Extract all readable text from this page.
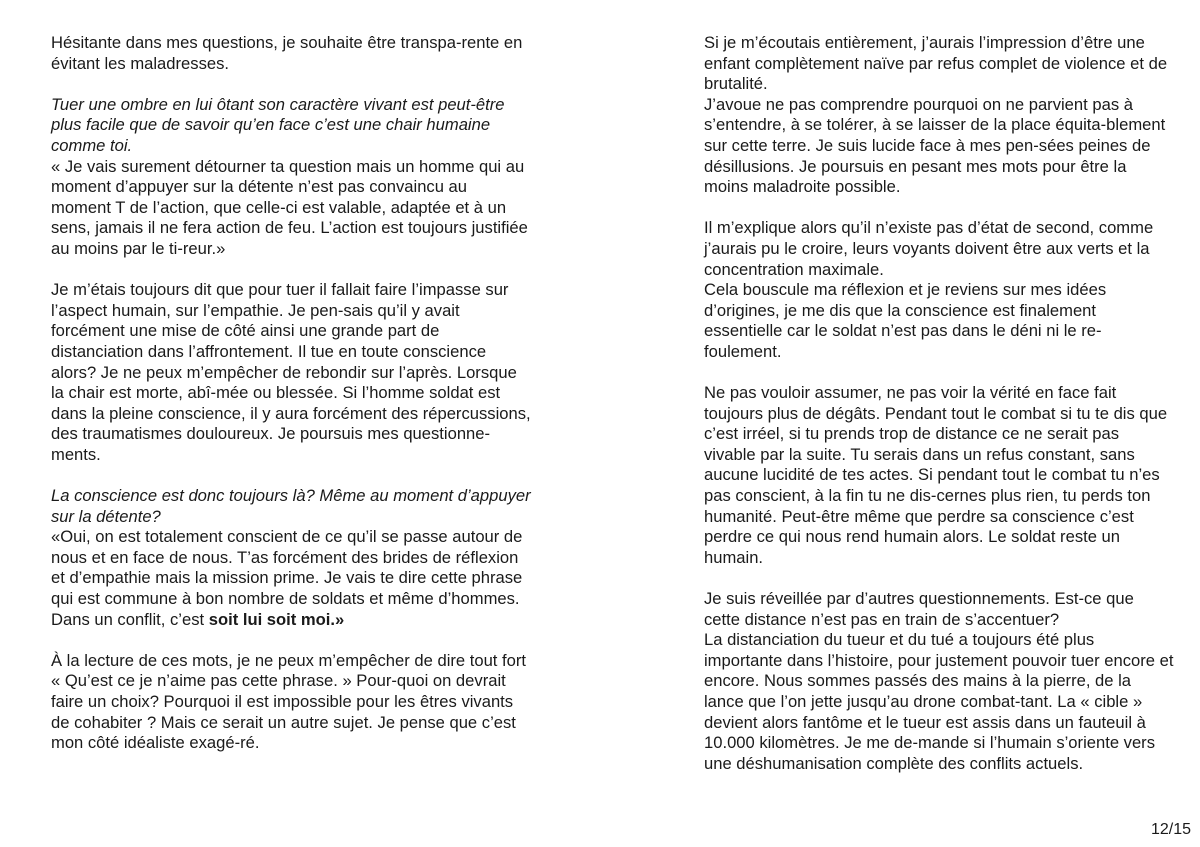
Hésitante dans mes questions, je souhaite être transpa-rente en évitant les maladresses.

Tuer une ombre en lui ôtant son caractère vivant est peut-être plus facile que de savoir qu’en face c’est une chair humaine comme toi.

« Je vais surement détourner ta question mais un homme qui au moment d’appuyer sur la détente n’est pas convaincu au moment T de l’action, que celle-ci est valable, adaptée et à un sens, jamais il ne fera action de feu. L’action est toujours justifiée au moins par le ti-reur.»

Je m’étais toujours dit que pour tuer il fallait faire l’impasse sur l’aspect humain, sur l’empathie. Je pen-sais qu’il y avait forcément une mise de côté ainsi une grande part de distanciation dans l’affrontement. Il tue en toute conscience alors? Je ne peux m’empêcher de rebondir sur l’après. Lorsque la chair est morte, abî-mée ou blessée. Si l’homme soldat est dans la pleine conscience, il y aura forcément des répercussions, des traumatismes douloureux. Je poursuis mes questionne-ments.

La conscience est donc toujours là? Même au moment d’appuyer sur la détente?

«Oui, on est totalement conscient de ce qu’il se passe autour de nous et en face de nous. T’as forcément des brides de réflexion et d’empathie mais la mission prime. Je vais te dire cette phrase qui est commune à bon nombre de soldats et même d’hommes. Dans un conflit, c’est soit lui soit moi.»

À la lecture de ces mots, je ne peux m’empêcher de dire tout fort « Qu’est ce je n’aime pas cette phrase. » Pour-quoi on devrait faire un choix? Pourquoi il est impossible pour les êtres vivants de cohabiter ? Mais ce serait un autre sujet. Je pense que c’est mon côté idéaliste exagé-ré.

Si je m’écoutais entièrement, j’aurais l’impression d’être une enfant complètement naïve par refus complet de violence et de brutalité.

J’avoue ne pas comprendre pourquoi on ne parvient pas à s’entendre, à se tolérer, à se laisser de la place équita-blement sur cette terre. Je suis lucide face à mes pen-sées peines de désillusions. Je poursuis en pesant mes mots pour être la moins maladroite possible.

Il m’explique alors qu’il n’existe pas d’état de second, comme j’aurais pu le croire, leurs voyants doivent être aux verts et la concentration maximale.

Cela bouscule ma réflexion et je reviens sur mes idées d’origines, je me dis que la conscience est finalement essentielle car le soldat n’est pas dans le déni ni le re-foulement.

Ne pas vouloir assumer, ne pas voir la vérité en face fait toujours plus de dégâts. Pendant tout le combat si tu te dis que c’est irréel, si tu prends trop de distance ce ne serait pas vivable par la suite. Tu serais dans un refus constant, sans aucune lucidité de tes actes. Si pendant tout le combat tu n’es pas conscient, à la fin tu ne dis-cernes plus rien, tu perds ton humanité. Peut-être même que perdre sa conscience c’est perdre ce qui nous rend humain alors. Le soldat reste un humain.

Je suis réveillée par d’autres questionnements. Est-ce que cette distance n’est pas en train de s’accentuer?

La distanciation du tueur et du tué a toujours été plus importante dans l’histoire, pour justement pouvoir tuer encore et encore. Nous sommes passés des mains à la pierre, de la lance que l’on jette jusqu’au drone combat-tant. La « cible » devient alors fantôme et le tueur est assis dans un fauteuil à 10.000 kilomètres. Je me de-mande si l’humain s’oriente vers une déshumanisation complète des conflits actuels.

12/15
